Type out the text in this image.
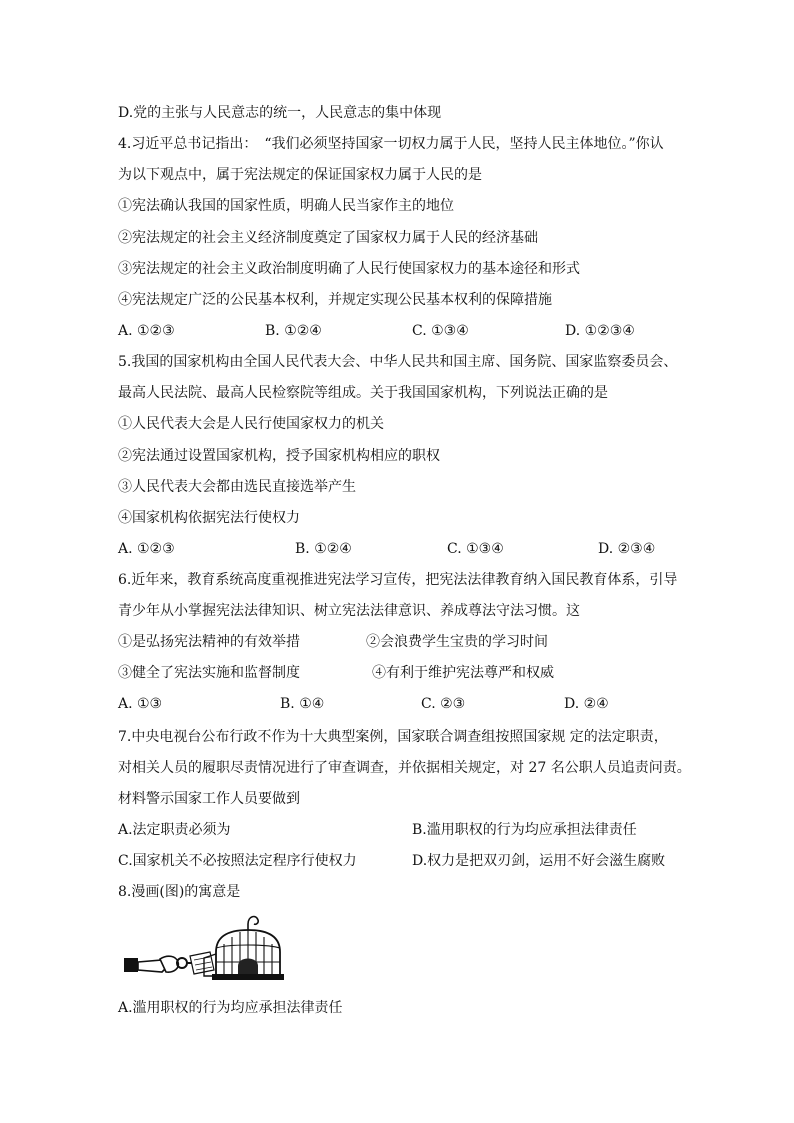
D.党的主张与人民意志的统一，人民意志的集中体现
4.习近平总书记指出：　“我们必须坚持国家一切权力属于人民，坚持人民主体地位。”你认
为以下观点中，属于宪法规定的保证国家权力属于人民的是
①宪法确认我国的国家性质，明确人民当家作主的地位
②宪法规定的社会主义经济制度奠定了国家权力属于人民的经济基础
③宪法规定的社会主义政治制度明确了人民行使国家权力的基本途径和形式
④宪法规定广泛的公民基本权利，并规定实现公民基本权利的保障措施
A. ①②③	B. ①②④	C. ①③④	D. ①②③④
5.我国的国家机构由全国人民代表大会、中华人民共和国主席、国务院、国家监察委员会、
最高人民法院、最高人民检察院等组成。关于我国国家机构，下列说法正确的是
①人民代表大会是人民行使国家权力的机关
②宪法通过设置国家机构，授予国家机构相应的职权
③人民代表大会都由选民直接选举产生
④国家机构依据宪法行使权力
A. ①②③	B. ①②④	C. ①③④	D. ②③④
6.近年来，教育系统高度重视推进宪法学习宣传，把宪法法律教育纳入国民教育体系，引导
青少年从小掌握宪法法律知识、树立宪法法律意识、养成尊法守法习惯。这
①是弘扬宪法精神的有效举措	②会浪费学生宝贵的学习时间
③健全了宪法实施和监督制度	④有利于维护宪法尊严和权威
A. ①③	B. ①④	C. ②③	D. ②④
7.中央电视台公布行政不作为十大典型案例，国家联合调查组按照国家规 定的法定职责，
对相关人员的履职尽责情况进行了审查调查，并依据相关规定，对 27 名公职人员追责问责。
材料警示国家工作人员要做到
A.法定职责必须为	B.滥用职权的行为均应承担法律责任
C.国家机关不必按照法定程序行使权力	D.权力是把双刃剑，运用不好会滋生腐败
8.漫画(图)的寓意是
A.滥用职权的行为均应承担法律责任
